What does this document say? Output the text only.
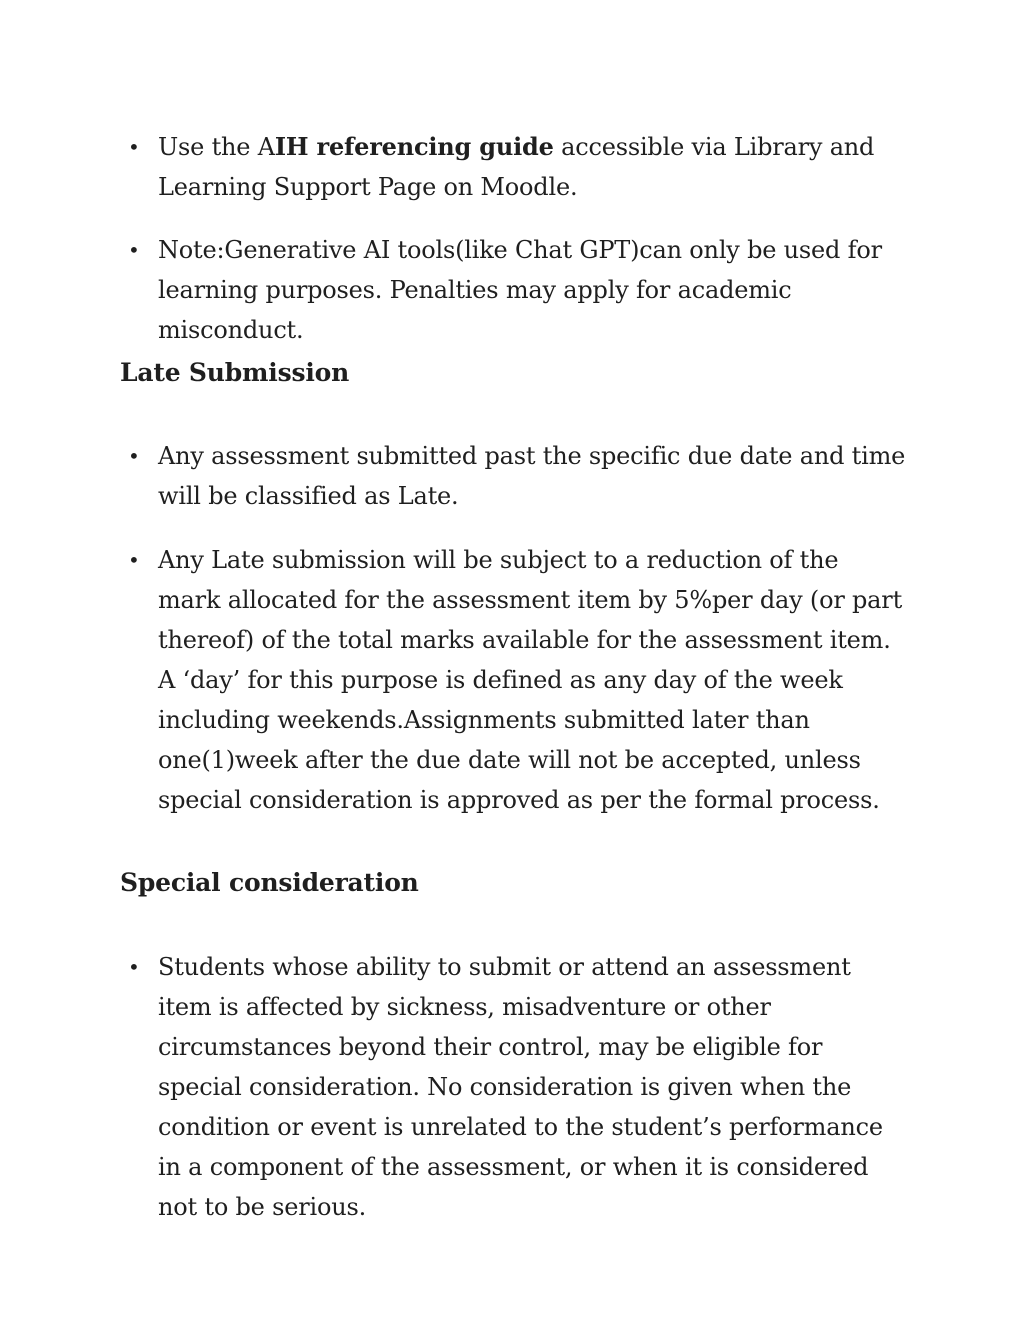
• Use the AIH referencing guide accessible via Library and Learning Support Page on Moodle.
• Note:Generative AI tools(like Chat GPT)can only be used for learning purposes. Penalties may apply for academic misconduct.
Late Submission
• Any assessment submitted past the specific due date and time will be classified as Late.
• Any Late submission will be subject to a reduction of the mark allocated for the assessment item by 5%per day (or part thereof) of the total marks available for the assessment item. A ‘day’ for this purpose is defined as any day of the week including weekends.Assignments submitted later than one(1)week after the due date will not be accepted, unless special consideration is approved as per the formal process.
Special consideration
• Students whose ability to submit or attend an assessment item is affected by sickness, misadventure or other circumstances beyond their control, may be eligible for special consideration. No consideration is given when the condition or event is unrelated to the student’s performance in a component of the assessment, or when it is considered not to be serious.
